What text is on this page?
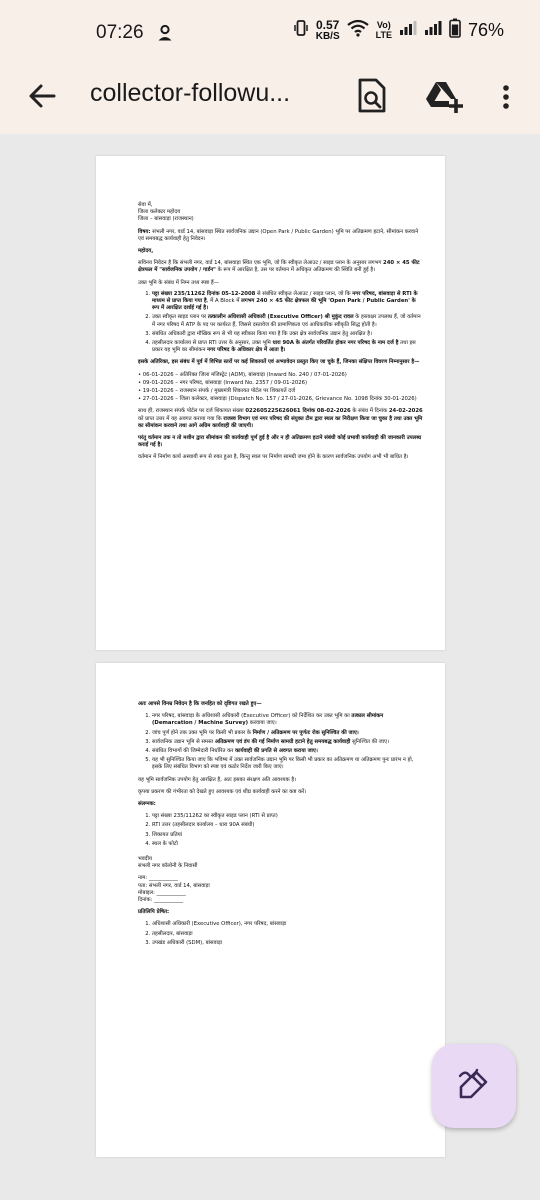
07:26	0.57
KB/S
Vo)
LTE	76%
collector-followu...

सेवा में,
जिला कलेक्टर महोदय
जिला – बांसवाड़ा (राजस्थान)

विषय: संभली नगर, वार्ड 14, बांसवाड़ा स्थित सार्वजनिक उद्यान (Open Park / Public Garden) भूमि पर अतिक्रमण हटाने, सीमांकन करवाने एवं समयबद्ध कार्यवाही हेतु निवेदन।

महोदय,

सविनय निवेदन है कि संभली नगर, वार्ड 14, बांसवाड़ा स्थित एक भूमि, जो कि स्वीकृत लेआउट / साइड प्लान के अनुसार लगभग 240 × 45 फीट क्षेत्रफल में "सार्वजनिक उपयोग / गार्डन" के रूप में आरक्षित है, उस पर वर्तमान में अधिकृत अतिक्रमण की स्थिति बनी हुई है।

उक्त भूमि के संबंध में निम्न तथ्य स्पष्ट हैं—

1. पट्टा संख्या 235/11262 दिनांक 05-12-2008 से संबंधित स्वीकृत लेआउट / साइड प्लान, जो कि नगर परिषद, बांसवाड़ा से RTI के माध्यम से प्राप्त किया गया है, में A Block में लगभग 240 × 45 फीट क्षेत्रफल की भूमि 'Open Park / Public Garden' के रूप में आरक्षित दर्शाई गई है।
2. उक्त स्वीकृत साइड प्लान पर तत्कालीन अधिशासी अधिकारी (Executive Officer) श्री मुकुंद रावल के हस्ताक्षर उपलब्ध हैं, जो वर्तमान में नगर परिषद में ATP के पद पर कार्यरत हैं, जिससे दस्तावेज की प्रामाणिकता एवं आधिकारिक स्वीकृति सिद्ध होती है।
3. संबंधित अधिकारी द्वारा मौखिक रूप से भी यह स्वीकार किया गया है कि उक्त क्षेत्र सार्वजनिक उद्यान हेतु आरक्षित है।
4. तहसीलदार कार्यालय से प्राप्त RTI उत्तर के अनुसार, उक्त भूमि धारा 90A के अंतर्गत परिवर्तित होकर नगर परिषद के नाम दर्ज है तथा इस प्रकार यह भूमि का सीमांकन नगर परिषद के अधिकार क्षेत्र में आता है।

इसके अतिरिक्त, इस संबंध में पूर्व में विभिन्न स्तरों पर कई शिकायतें एवं अभ्यावेदन प्रस्तुत किए जा चुके हैं, जिनका संक्षिप्त विवरण निम्नानुसार है—

• 06-01-2026 – अतिरिक्त जिला मजिस्ट्रेट (ADM), बांसवाड़ा (Inward No. 240 / 07-01-2026)
• 09-01-2026 – नगर परिषद, बांसवाड़ा (Inward No. 2357 / 09-01-2026)
• 19-01-2026 – राजस्थान संपर्क / मुख्यमंत्री शिकायत पोर्टल पर शिकायतें दर्ज
• 27-01-2026 – जिला कलेक्टर, बांसवाड़ा (Dispatch No. 157 / 27-01-2026, Grievance No. 1098 दिनांक 30-01-2026)

साथ ही, राजस्थान संपर्क पोर्टल पर दर्ज शिकायत संख्या 022605225626061 दिनांक 08-02-2026 के संबंध में दिनांक 24-02-2026 को प्राप्त उत्तर में यह अवगत कराया गया कि राजस्व विभाग एवं नगर परिषद की संयुक्त टीम द्वारा स्थल का निरीक्षण किया जा चुका है तथा उक्त भूमि का सीमांकन करवाने तथा आगे अग्रिम कार्यवाही की जाएगी।

परंतु वर्तमान तक न तो मशीन द्वारा सीमांकन की कार्यवाही पूर्ण हुई है और न ही अतिक्रमण हटाने संबंधी कोई प्रभावी कार्यवाही की जानकारी उपलब्ध कराई गई है।

वर्तमान में निर्माण कार्य अस्थायी रूप से रुका हुआ है, किन्तु स्थल पर निर्माण सामग्री जमा होने के कारण सार्वजनिक उपयोग अभी भी बाधित है।

अतः आपसे विनम्र निवेदन है कि जनहित को दृष्टिगत रखते हुए—

1. नगर परिषद, बांसवाड़ा के अधिशासी अधिकारी (Executive Officer) को निर्देशित कर उक्त भूमि का तत्काल सीमांकन (Demarcation / Machine Survey) करवाया जाए।
2. जांच पूर्ण होने तक उक्त भूमि पर किसी भी प्रकार के निर्माण / अतिक्रमण पर पूर्णतः रोक सुनिश्चित की जाए।
3. सार्वजनिक उद्यान भूमि से समस्त अतिक्रमण एवं डंप की गई निर्माण सामग्री हटाने हेतु समयबद्ध कार्यवाही सुनिश्चित की जाए।
4. संबंधित विभागों की जिम्मेदारी निर्धारित कर कार्यवाही की प्रगति से अवगत कराया जाए।
5. यह भी सुनिश्चित किया जाए कि भविष्य में उक्त सार्वजनिक उद्यान भूमि पर किसी भी प्रकार का अतिक्रमण या अतिक्रमण पुनः प्रारंभ न हो, इसके लिए संबंधित विभाग को स्पष्ट एवं कठोर निर्देश जारी किए जाएं।

यह भूमि सार्वजनिक उपयोग हेतु आरक्षित है, अतः इसका संरक्षण अति आवश्यक है।

कृपया प्रकरण की गंभीरता को देखते हुए आवश्यक एवं शीघ्र कार्यवाही करने का कष्ट करें।

संलग्नक:

1. पट्टा संख्या 235/11262 का स्वीकृत साइड प्लान (RTI से प्राप्त)
2. RTI उत्तर (तहसीलदार कार्यालय – धारा 90A संबंधी)
3. शिकायत प्रतियां
4. स्थल के फोटो

भवदीय
संभली नगर कॉलोनी के निवासी

नाम: ___________
पता: संभली नगर, वार्ड 14, बांसवाड़ा
मोबाइल: ___________
दिनांक: ___________

प्रतिलिपि प्रेषित:

1. अधिशासी अधिकारी (Executive Officer), नगर परिषद, बांसवाड़ा
2. तहसीलदार, बांसवाड़ा
3. उपखंड अधिकारी (SDM), बांसवाड़ा
